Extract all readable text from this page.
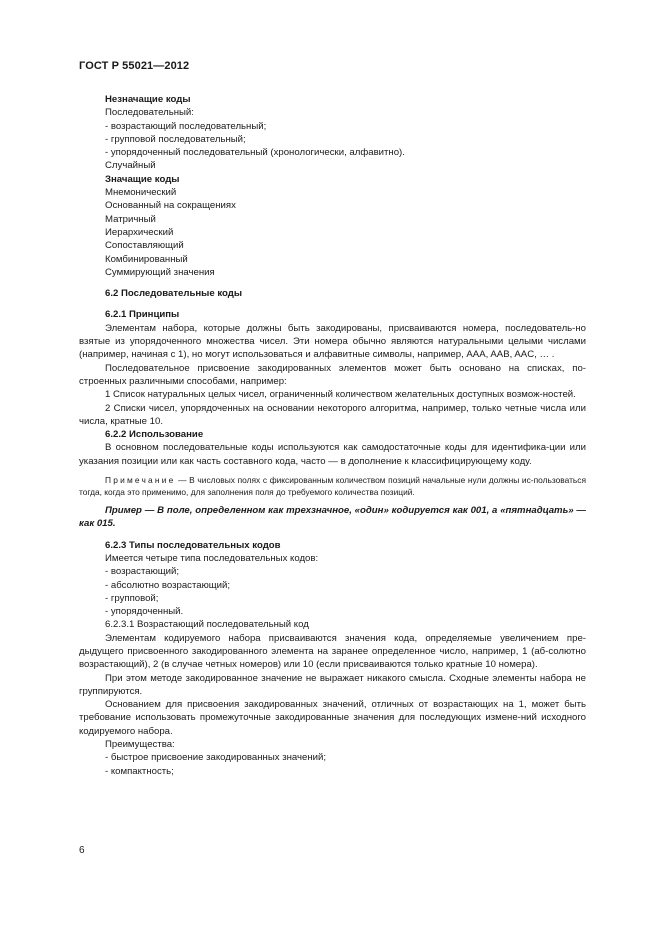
ГОСТ Р 55021—2012
Незначащие коды
Последовательный:
- возрастающий последовательный;
- групповой последовательный;
- упорядоченный последовательный (хронологически, алфавитно).
Случайный
Значащие коды
Мнемонический
Основанный на сокращениях
Матричный
Иерархический
Сопоставляющий
Комбинированный
Суммирующий значения
6.2 Последовательные коды
6.2.1 Принципы
Элементам набора, которые должны быть закодированы, присваиваются номера, последователь-но взятые из упорядоченного множества чисел. Эти номера обычно являются натуральными целыми числами (например, начиная с 1), но могут использоваться и алфавитные символы, например, AAA, AAB, AAC, … .
Последовательное присвоение закодированных элементов может быть основано на списках, по-строенных различными способами, например:
1 Список натуральных целых чисел, ограниченный количеством желательных доступных возмож-ностей.
2 Списки чисел, упорядоченных на основании некоторого алгоритма, например, только четные числа или числа, кратные 10.
6.2.2 Использование
В основном последовательные коды используются как самодостаточные коды для идентифика-ции или указания позиции или как часть составного кода, часто — в дополнение к классифицирующему коду.
Примечание — В числовых полях с фиксированным количеством позиций начальные нули должны ис-пользоваться тогда, когда это применимо, для заполнения поля до требуемого количества позиций.
Пример — В поле, определенном как трехзначное, «один» кодируется как 001, а «пятнадцать» — как 015.
6.2.3 Типы последовательных кодов
Имеется четыре типа последовательных кодов:
- возрастающий;
- абсолютно возрастающий;
- групповой;
- упорядоченный.
6.2.3.1 Возрастающий последовательный код
Элементам кодируемого набора присваиваются значения кода, определяемые увеличением пре-дыдущего присвоенного закодированного элемента на заранее определенное число, например, 1 (аб-солютно возрастающий), 2 (в случае четных номеров) или 10 (если присваиваются только кратные 10 номера).
При этом методе закодированное значение не выражает никакого смысла. Сходные элементы набора не группируются.
Основанием для присвоения закодированных значений, отличных от возрастающих на 1, может быть требование использовать промежуточные закодированные значения для последующих измене-ний исходного кодируемого набора.
Преимущества:
- быстрое присвоение закодированных значений;
- компактность;
6
